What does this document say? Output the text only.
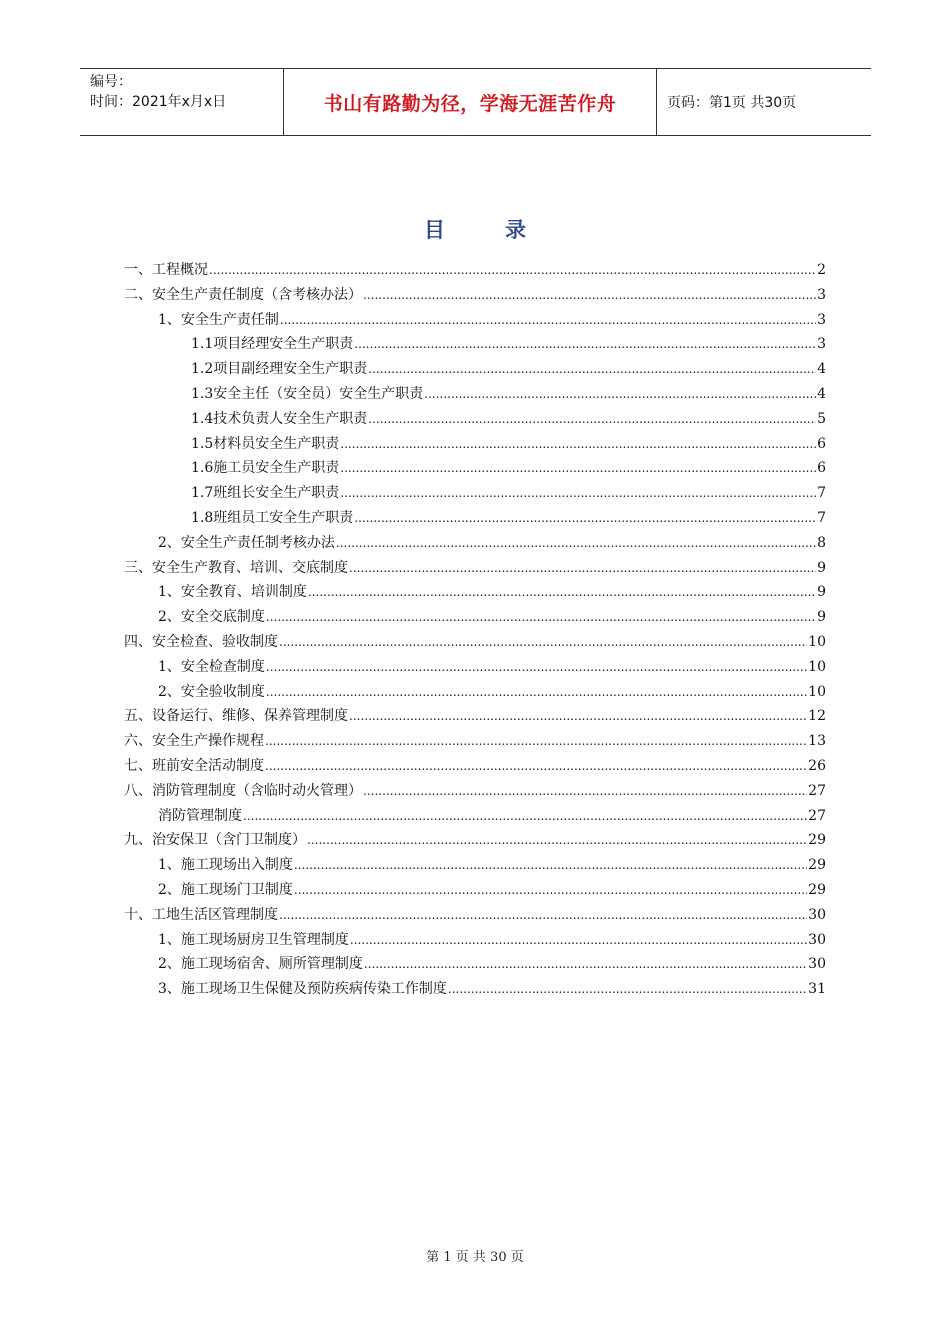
编号：
时间：2021年x月x日	书山有路勤为径，学海无涯苦作舟	页码：第1页 共30页
目	录
一、工程概况 .....	2
二、安全生产责任制度（含考核办法） .....	3
1、安全生产责任制 .....	3
1.1项目经理安全生产职责 .....	3
1.2项目副经理安全生产职责 .....	4
1.3安全主任（安全员）安全生产职责 .....	4
1.4技术负责人安全生产职责 .....	5
1.5材料员安全生产职责 .....	6
1.6施工员安全生产职责 .....	6
1.7班组长安全生产职责 .....	7
1.8班组员工安全生产职责 .....	7
2、安全生产责任制考核办法 .....	8
三、安全生产教育、培训、交底制度 .....	9
1、安全教育、培训制度 .....	9
2、安全交底制度 .....	9
四、安全检查、验收制度 .....	10
1、安全检查制度 .....	10
2、安全验收制度 .....	10
五、设备运行、维修、保养管理制度 .....	12
六、安全生产操作规程 .....	13
七、班前安全活动制度 .....	26
八、消防管理制度（含临时动火管理） .....	27
消防管理制度 .....	27
九、治安保卫（含门卫制度） .....	29
1、施工现场出入制度 .....	29
2、施工现场门卫制度 .....	29
十、工地生活区管理制度 .....	30
1、施工现场厨房卫生管理制度 .....	30
2、施工现场宿舍、厕所管理制度 .....	30
3、施工现场卫生保健及预防疾病传染工作制度 .....	31
第 1 页 共 30 页
